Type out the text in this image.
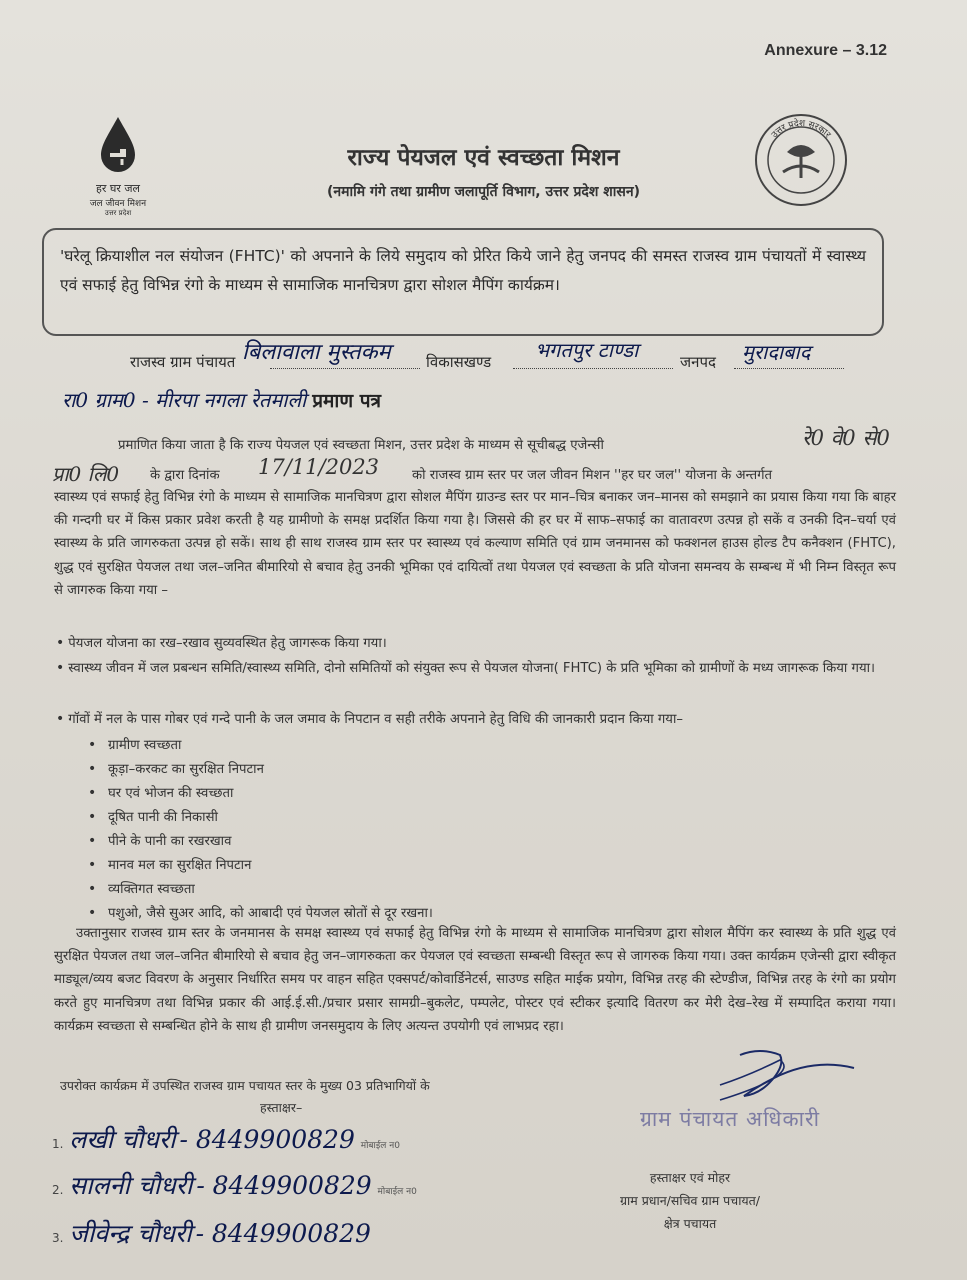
Annexure – 3.12
हर घर जल
जल जीवन मिशन
उत्तर प्रदेश
उत्तर प्रदेश सरकार
राज्य पेयजल एवं स्वच्छता मिशन
(नमामि गंगे तथा ग्रामीण जलापूर्ति विभाग, उत्तर प्रदेश शासन)
'घरेलू क्रियाशील नल संयोजन (FHTC)' को अपनाने के लिये समुदाय को प्रेरित किये जाने हेतु जनपद की समस्त राजस्व ग्राम पंचायतों में स्वास्थ्य एवं सफाई हेतु विभिन्न रंगो के माध्यम से सामाजिक मानचित्रण द्वारा सोशल मैपिंग कार्यक्रम।
राजस्व ग्राम पंचायत बिलावाला मुस्तकम विकासखण्ड भगतपुर टाण्डा	जनपद मुरादाबाद
रा0 ग्राम0 - मीरपा नगला रेतमाली प्रमाण पत्र
प्रमाणित किया जाता है कि राज्य पेयजल एवं स्वच्छता मिशन, उत्तर प्रदेश के माध्यम से सूचीबद्ध एजेन्सी	रे0 वे0 से0
प्रा0 लि0 के द्वारा दिनांक 17/11/2023 को राजस्व ग्राम स्तर पर जल जीवन मिशन ''हर घर जल'' योजना के अन्तर्गत
स्वास्थ्य एवं सफाई हेतु विभिन्न रंगो के माध्यम से सामाजिक मानचित्रण द्वारा सोशल मैपिंग ग्राउन्ड स्तर पर मान–चित्र बनाकर जन–मानस को समझाने का प्रयास किया गया कि बाहर की गन्दगी घर में किस प्रकार प्रवेश करती है यह ग्रामीणो के समक्ष प्रदर्शित किया गया है। जिससे की हर घर में साफ–सफाई का वातावरण उत्पन्न हो सकें व उनकी दिन–चर्या एवं स्वास्थ्य के प्रति जागरुकता उत्पन्न हो सकें। साथ ही साथ राजस्व ग्राम स्तर पर स्वास्थ्य एवं कल्याण समिति एवं ग्राम जनमानस को फक्शनल हाउस होल्ड टैप कनैक्शन (FHTC), शुद्ध एवं सुरक्षित पेयजल तथा जल–जनित बीमारियो से बचाव हेतु उनकी भूमिका एवं दायित्वों तथा पेयजल एवं स्वच्छता के प्रति योजना समन्वय के सम्बन्ध में भी निम्न विस्तृत रूप से जागरुक किया गया –
• पेयजल योजना का रख–रखाव सुव्यवस्थित हेतु जागरूक किया गया।
• स्वास्थ्य जीवन में जल प्रबन्धन समिति/स्वास्थ्य समिति, दोनो समितियों को संयुक्त रूप से पेयजल योजना( FHTC) के प्रति भूमिका को ग्रामीणों के मध्य जागरूक किया गया।
• गॉवों में नल के पास गोबर एवं गन्दे पानी के जल जमाव के निपटान व सही तरीके अपनाने हेतु विधि की जानकारी प्रदान किया गया–
• ग्रामीण स्वच्छता
• कूड़ा–करकट का सुरक्षित निपटान
• घर एवं भोजन की स्वच्छता
• दूषित पानी की निकासी
• पीने के पानी का रखरखाव
• मानव मल का सुरक्षित निपटान
• व्यक्तिगत स्वच्छता
• पशुओ, जैसे सुअर आदि, को आबादी एवं पेयजल स्रोतों से दूर रखना।
उक्तानुसार राजस्व ग्राम स्तर के जनमानस के समक्ष स्वास्थ्य एवं सफाई हेतु विभिन्न रंगो के माध्यम से सामाजिक मानचित्रण द्वारा सोशल मैपिंग कर स्वास्थ्य के प्रति शुद्ध एवं सुरक्षित पेयजल तथा जल–जनित बीमारियो से बचाव हेतु जन–जागरुकता कर पेयजल एवं स्वच्छता सम्बन्धी विस्तृत रूप से जागरुक किया गया। उक्त कार्यक्रम एजेन्सी द्वारा स्वीकृत माड्यूल/व्यय बजट विवरण के अनुसार निर्धारित समय पर वाहन सहित एक्सपर्ट/कोवार्डिनेटर्स, साउण्ड सहित माईक प्रयोग, विभिन्न तरह की स्टेण्डीज, विभिन्न तरह के रंगो का प्रयोग करते हुए मानचित्रण तथा विभिन्न प्रकार की आई.ई.सी./प्रचार प्रसार सामग्री–बुकलेट, पम्पलेट, पोस्टर एवं स्टीकर इत्यादि वितरण कर मेरी देख–रेख में सम्पादित कराया गया। कार्यक्रम स्वच्छता से सम्बन्धित होने के साथ ही ग्रामीण जनसमुदाय के लिए अत्यन्त उपयोगी एवं लाभप्रद रहा।
उपरोक्त कार्यक्रम में उपस्थित राजस्व ग्राम पचायत स्तर के मुख्य 03 प्रतिभागियों के
हस्ताक्षर–
1. लखी चौधरी - 8449900829 मोबाईल न0
2. सालनी चौधरी - 8449900829 मोबाईल न0
3. जीवेन्द्र चौधरी - 8449900829
ग्राम पंचायत अधिकारी
हस्ताक्षर एवं मोहर
ग्राम प्रधान/सचिव ग्राम पचायत/
क्षेत्र पचायत
